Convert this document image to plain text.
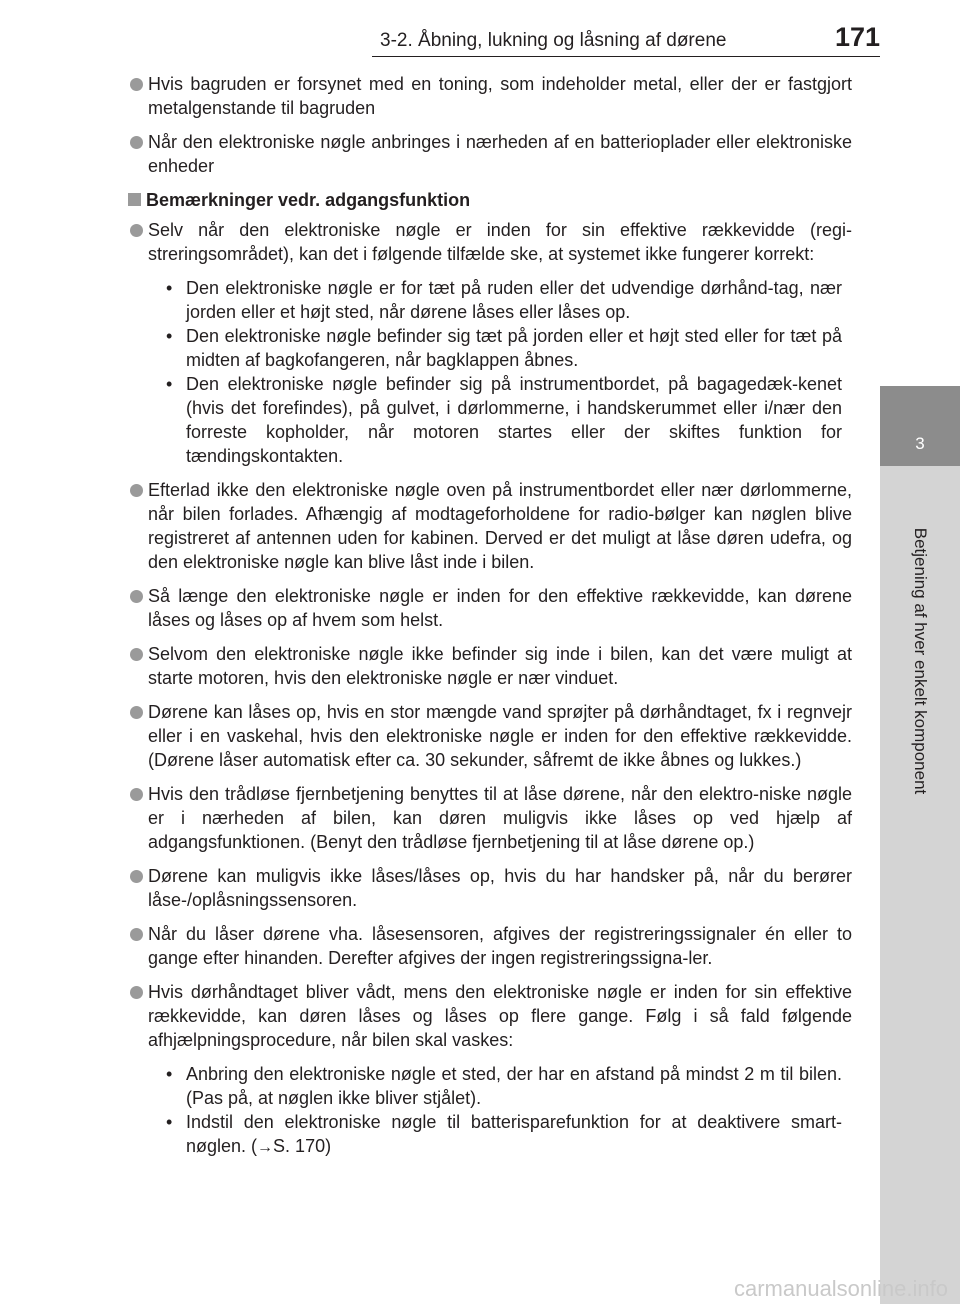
3-2. Åbning, lukning og låsning af dørene	171
3
Betjening af hver enkelt komponent
Hvis bagruden er forsynet med en toning, som indeholder metal, eller der er fastgjort metalgenstande til bagruden
Når den elektroniske nøgle anbringes i nærheden af en batterioplader eller elektroniske enheder
Bemærkninger vedr. adgangsfunktion
Selv når den elektroniske nøgle er inden for sin effektive rækkevidde (regi-streringsområdet), kan det i følgende tilfælde ske, at systemet ikke fungerer korrekt:
• Den elektroniske nøgle er for tæt på ruden eller det udvendige dørhånd-tag, nær jorden eller et højt sted, når dørene låses eller låses op.
• Den elektroniske nøgle befinder sig tæt på jorden eller et højt sted eller for tæt på midten af bagkofangeren, når bagklappen åbnes.
• Den elektroniske nøgle befinder sig på instrumentbordet, på bagagedæk-kenet (hvis det forefindes), på gulvet, i dørlommerne, i handskerummet eller i/nær den forreste kopholder, når motoren startes eller der skiftes funktion for tændingskontakten.
Efterlad ikke den elektroniske nøgle oven på instrumentbordet eller nær dørlommerne, når bilen forlades. Afhængig af modtageforholdene for radio-bølger kan nøglen blive registreret af antennen uden for kabinen. Derved er det muligt at låse døren udefra, og den elektroniske nøgle kan blive låst inde i bilen.
Så længe den elektroniske nøgle er inden for den effektive rækkevidde, kan dørene låses og låses op af hvem som helst.
Selvom den elektroniske nøgle ikke befinder sig inde i bilen, kan det være muligt at starte motoren, hvis den elektroniske nøgle er nær vinduet.
Dørene kan låses op, hvis en stor mængde vand sprøjter på dørhåndtaget, fx i regnvejr eller i en vaskehal, hvis den elektroniske nøgle er inden for den effektive rækkevidde. (Dørene låser automatisk efter ca. 30 sekunder, såfremt de ikke åbnes og lukkes.)
Hvis den trådløse fjernbetjening benyttes til at låse dørene, når den elektro-niske nøgle er i nærheden af bilen, kan døren muligvis ikke låses op ved hjælp af adgangsfunktionen. (Benyt den trådløse fjernbetjening til at låse dørene op.)
Dørene kan muligvis ikke låses/låses op, hvis du har handsker på, når du berører låse-/oplåsningssensoren.
Når du låser dørene vha. låsesensoren, afgives der registreringssignaler én eller to gange efter hinanden. Derefter afgives der ingen registreringssigna-ler.
Hvis dørhåndtaget bliver vådt, mens den elektroniske nøgle er inden for sin effektive rækkevidde, kan døren låses og låses op flere gange. Følg i så fald følgende afhjælpningsprocedure, når bilen skal vaskes:
• Anbring den elektroniske nøgle et sted, der har en afstand på mindst 2 m til bilen. (Pas på, at nøglen ikke bliver stjålet).
• Indstil den elektroniske nøgle til batterisparefunktion for at deaktivere smart-nøglen. (→S. 170)
carmanualsonline.info
